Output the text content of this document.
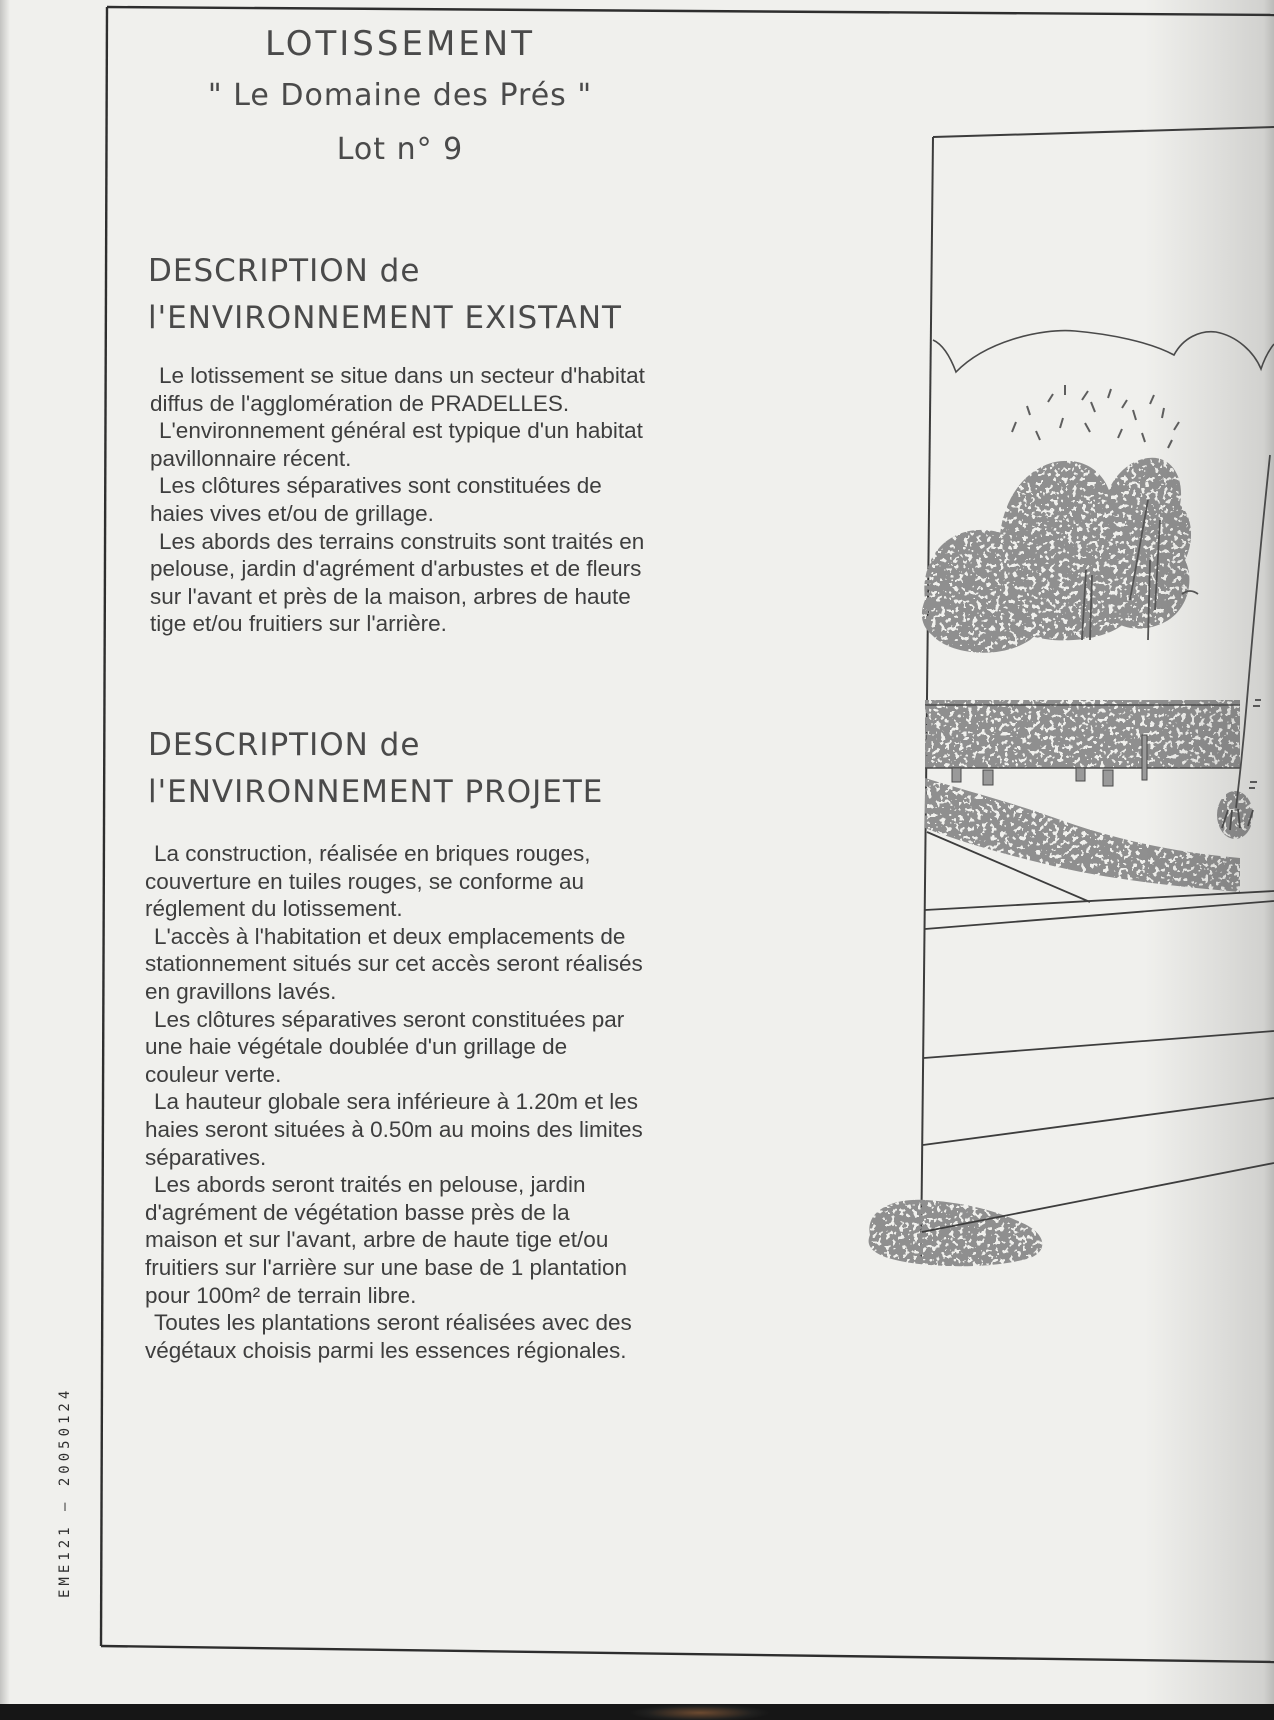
LOTISSEMENT
" Le Domaine des Prés "
Lot n° 9
DESCRIPTION de
l'ENVIRONNEMENT EXISTANT
Le lotissement se situe dans un secteur d'habitat
diffus de l'agglomération de PRADELLES.
L'environnement général est typique d'un habitat
pavillonnaire récent.
Les clôtures séparatives sont constituées de
haies vives et/ou de grillage.
Les abords des terrains construits sont traités en
pelouse, jardin d'agrément d'arbustes et de fleurs
sur l'avant et près de la maison, arbres de haute
tige et/ou fruitiers sur l'arrière.
DESCRIPTION de
l'ENVIRONNEMENT PROJETE
La construction, réalisée en briques rouges,
couverture en tuiles rouges, se conforme au
réglement du lotissement.
L'accès à l'habitation et deux emplacements de
stationnement situés sur cet accès seront réalisés
en gravillons lavés.
Les clôtures séparatives seront constituées par
une haie végétale doublée d'un grillage de
couleur verte.
La hauteur globale sera inférieure à 1.20m et les
haies seront situées à 0.50m au moins des limites
séparatives.
Les abords seront traités en pelouse, jardin
d'agrément de végétation basse près de la
maison et sur l'avant, arbre de haute tige et/ou
fruitiers sur l'arrière sur une base de 1 plantation
pour 100m² de terrain libre.
Toutes les plantations seront réalisées avec des
végétaux choisis parmi les essences régionales.
EME121 – 20050124
